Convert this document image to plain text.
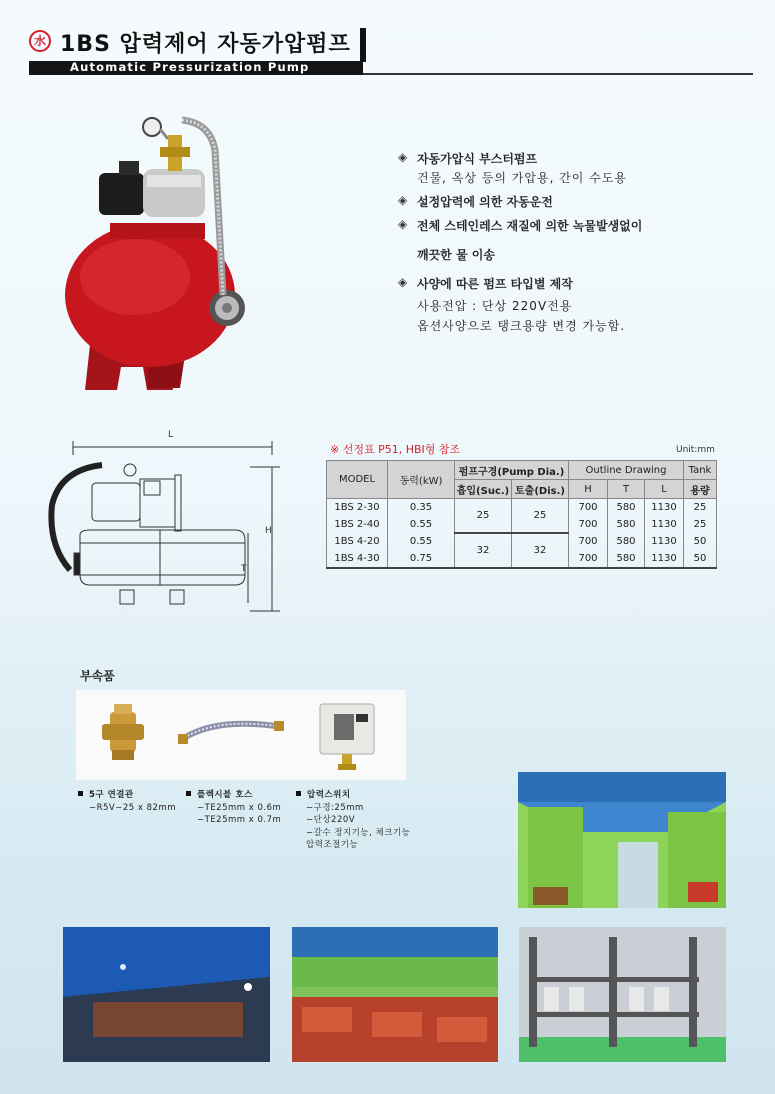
水 1BS 압력제어 자동가압펌프
Automatic Pressurization Pump
◈ 자동가압식 부스터펌프
건물, 옥상 등의 가압용, 간이 수도용
◈ 설정압력에 의한 자동운전
◈ 전체 스테인레스 재질에 의한 녹물발생없이
깨끗한 물 이송
◈ 사양에 따른 펌프 타입별 제작
사용전압 : 단상 220V전용
옵션사양으로 탱크용량 변경 가능함.
L
H
T
※ 선정표 P51, HBI형 참조	Unit:mm
MODEL	동력(kW)	펌프구경(Pump Dia.)		Outline Drawing			Tank
		흡입(Suc.)	토출(Dis.)	H	T	L	용량
1BS 2-30	0.35	25	25	700	580	1130	25
1BS 2-40	0.55			700	580	1130	25
1BS 4-20	0.55	32	32	700	580	1130	50
1BS 4-30	0.75			700	580	1130	50
부속품
5구 연결관
−R5V−25 x 82mm
플렉시블 호스
−TE25mm x 0.6m
−TE25mm x 0.7m
압력스위치
−구경:25mm
−단상220V
−갈수 정지기능, 체크기능
압력조절기능
